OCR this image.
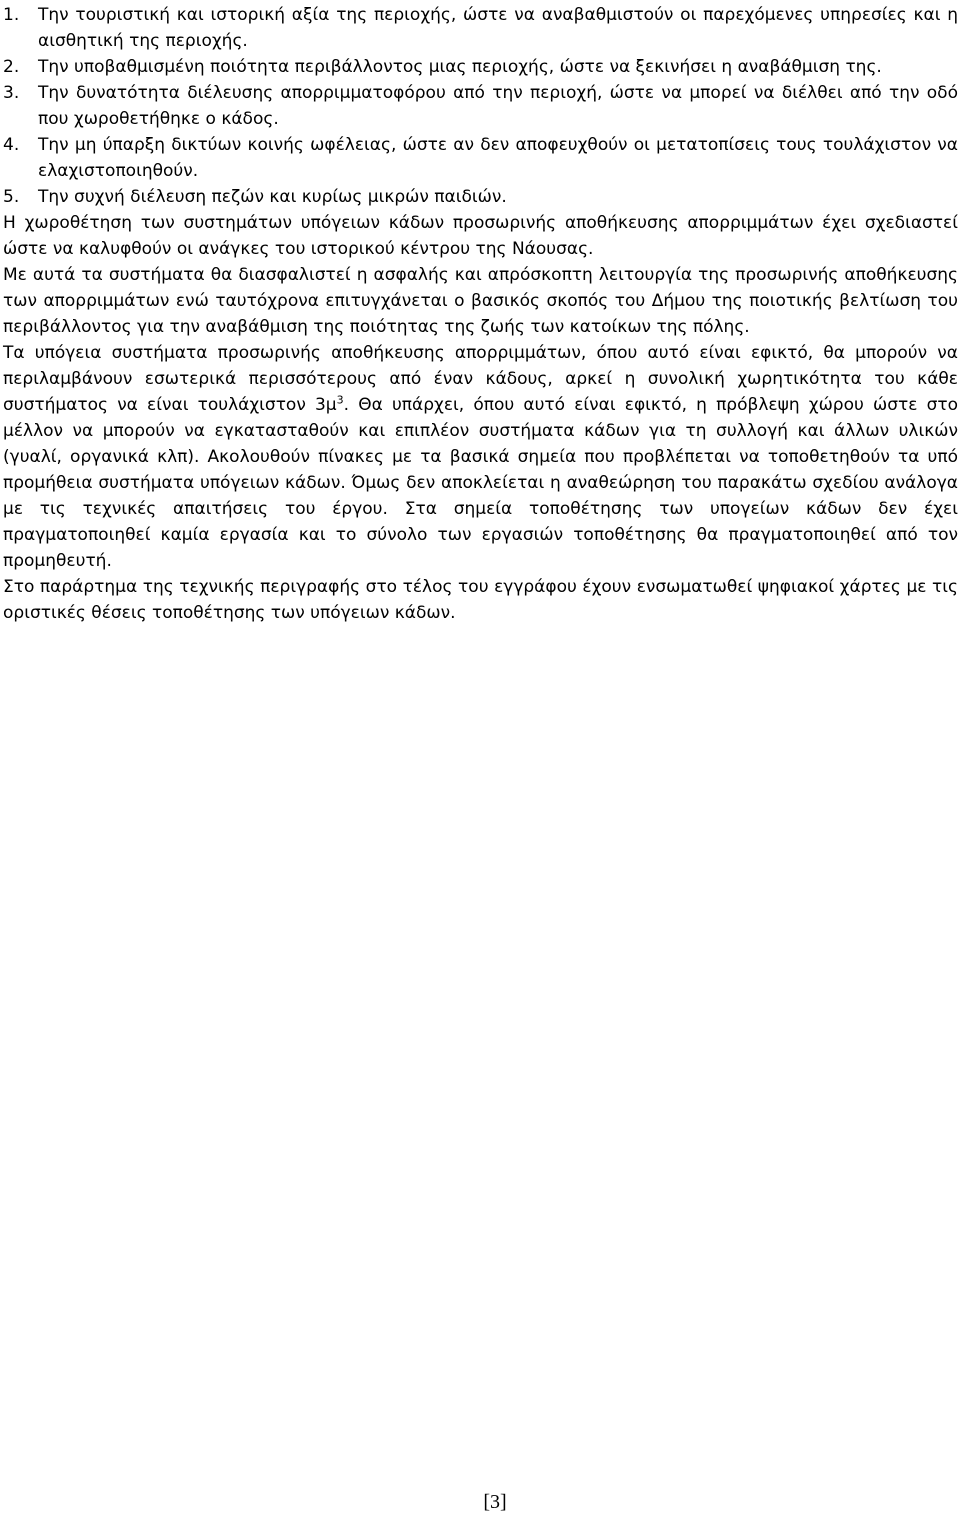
1. Την τουριστική και ιστορική αξία της περιοχής, ώστε να αναβαθμιστούν οι παρεχόμενες υπηρεσίες και η αισθητική της περιοχής.
2. Την υποβαθμισμένη ποιότητα περιβάλλοντος μιας περιοχής, ώστε να ξεκινήσει η αναβάθμιση της.
3. Την δυνατότητα διέλευσης απορριμματοφόρου από την περιοχή, ώστε να μπορεί να διέλθει από την οδό που χωροθετήθηκε ο κάδος.
4. Την μη ύπαρξη δικτύων κοινής ωφέλειας, ώστε αν δεν αποφευχθούν οι μετατοπίσεις τους τουλάχιστον να ελαχιστοποιηθούν.
5. Την συχνή διέλευση πεζών και κυρίως μικρών παιδιών.

Η χωροθέτηση των συστημάτων υπόγειων κάδων προσωρινής αποθήκευσης απορριμμάτων έχει σχεδιαστεί ώστε να καλυφθούν οι ανάγκες του ιστορικού κέντρου της Νάουσας.

Με αυτά τα συστήματα θα διασφαλιστεί η ασφαλής και απρόσκοπτη λειτουργία της προσωρινής αποθήκευσης των απορριμμάτων ενώ ταυτόχρονα επιτυγχάνεται ο βασικός σκοπός του Δήμου της ποιοτικής βελτίωση του περιβάλλοντος για την αναβάθμιση της ποιότητας της ζωής των κατοίκων της πόλης.

Τα υπόγεια συστήματα προσωρινής αποθήκευσης απορριμμάτων, όπου αυτό είναι εφικτό, θα μπορούν να περιλαμβάνουν εσωτερικά περισσότερους από έναν κάδους, αρκεί η συνολική χωρητικότητα του κάθε συστήματος να είναι τουλάχιστον $3\mu^3$. Θα υπάρχει, όπου αυτό είναι εφικτό, η πρόβλεψη χώρου ώστε στο μέλλον να μπορούν να εγκατασταθούν και επιπλέον συστήματα κάδων για τη συλλογή και άλλων υλικών (γυαλί, οργανικά κλπ). Ακολουθούν πίνακες με τα βασικά σημεία που προβλέπεται να τοποθετηθούν τα υπό προμήθεια συστήματα υπόγειων κάδων. Όμως δεν αποκλείεται η αναθεώρηση του παρακάτω σχεδίου ανάλογα με τις τεχνικές απαιτήσεις του έργου. Στα σημεία τοποθέτησης των υπογείων κάδων δεν έχει πραγματοποιηθεί καμία εργασία και το σύνολο των εργασιών τοποθέτησης θα πραγματοποιηθεί από τον προμηθευτή.

Στο παράρτημα της τεχνικής περιγραφής στο τέλος του εγγράφου έχουν ενσωματωθεί ψηφιακοί χάρτες με τις οριστικές θέσεις τοποθέτησης των υπόγειων κάδων.

[3]
